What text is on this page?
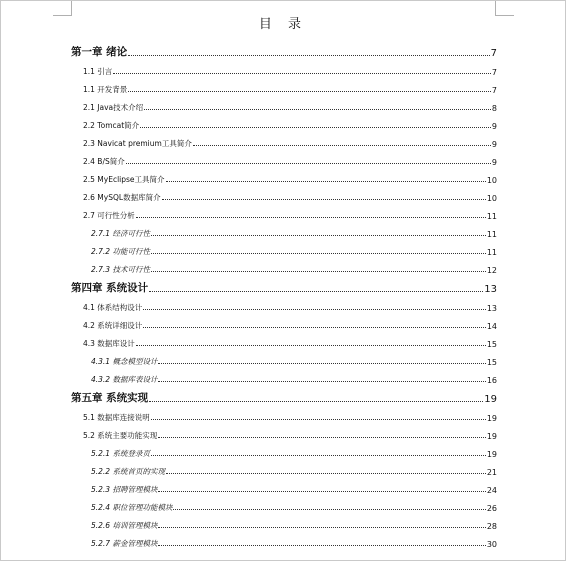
目 录
第一章 绪论	7
1.1 引言	7
1.1 开发背景	7
2.1 Java技术介绍	8
2.2 Tomcat简介	9
2.3 Navicat premium工具简介	9
2.4 B/S简介	9
2.5 MyEclipse工具简介	10
2.6 MySQL数据库简介	10
2.7 可行性分析	11
2.7.1 经济可行性	11
2.7.2 功能可行性	11
2.7.3 技术可行性	12
第四章 系统设计	13
4.1 体系结构设计	13
4.2 系统详细设计	14
4.3 数据库设计	15
4.3.1 概念模型设计	15
4.3.2 数据库表设计	16
第五章 系统实现	19
5.1 数据库连接说明	19
5.2 系统主要功能实现	19
5.2.1 系统登录页	19
5.2.2 系统首页的实现	21
5.2.3 招聘管理模块	24
5.2.4 职位管理功能模块	26
5.2.6 培训管理模块	28
5.2.7 薪金管理模块	30
